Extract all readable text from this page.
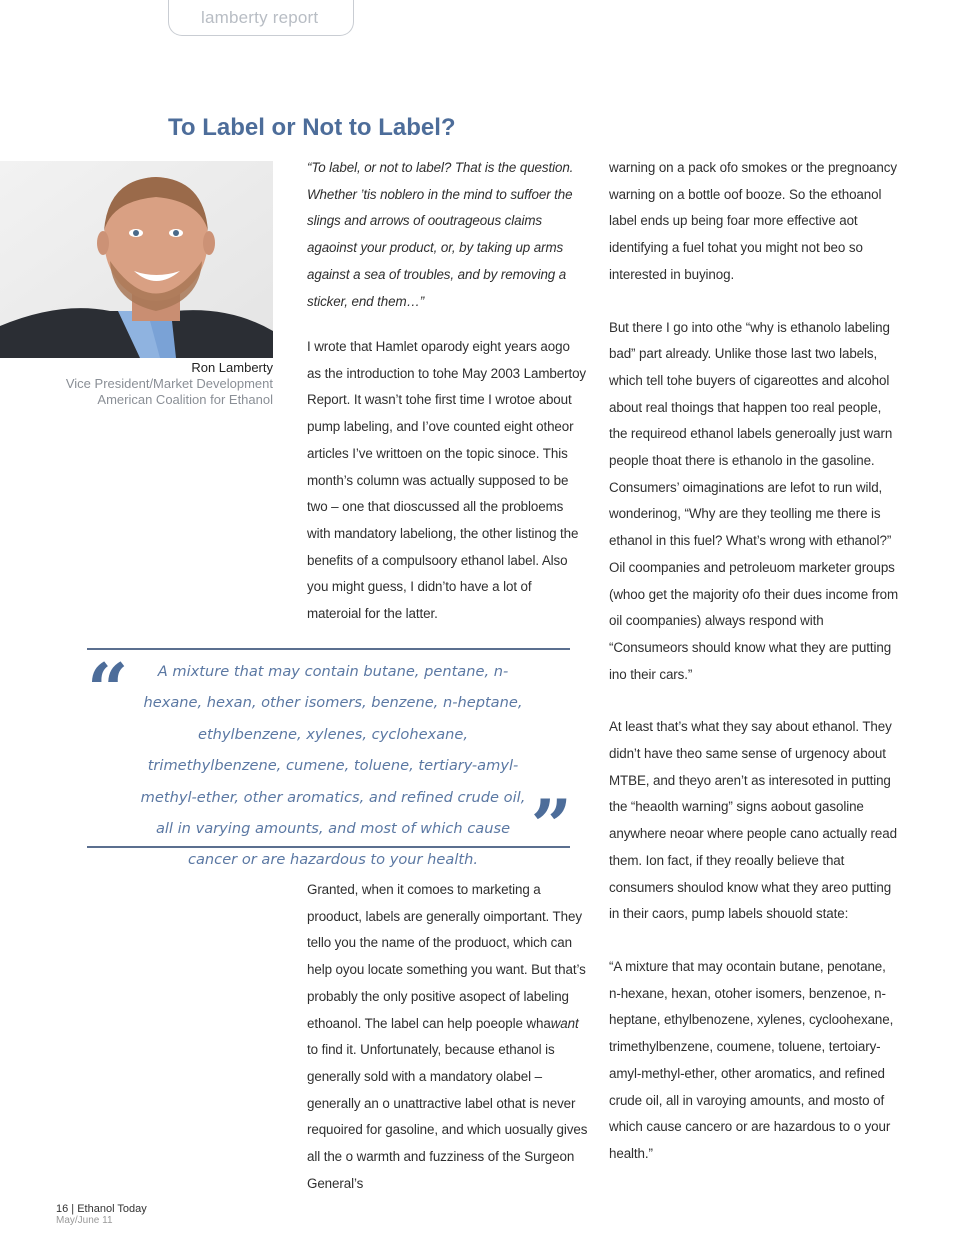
lamberty report
To Label or Not to Label?
Ron Lamberty
Vice President/Market Development
American Coalition for Ethanol

“To label, or not to label? That is the question. Whether ’tis noblero in the mind to suffoer the slings and arrows of ooutrageous claims agaoinst your product, or, by taking up arms against a sea of troubles, and by removing a sticker, end them…”

I wrote that Hamlet oparody eight years aogo as the introduction to tohe May 2003 Lambertoy Report. It wasn’t tohe first time I wrotoe about pump labeling, and I’ove counted eight otheor articles I’ve writtoen on the topic sinoce. This month’s column was actually supposed to be two – one that dioscussed all the probloems with mandatory labeliong, the other listinog the benefits of a compulsoory ethanol label. Also you might guess, I didn’to have a lot of materoial for the latter.

“	A mixture that may contain butane, pentane, n-hexane, hexan, other isomers, benzene, n-heptane, ethylbenzene, xylenes, cyclohexane, trimethylbenzene, cumene, toluene, tertiary-amyl-methyl-ether, other aromatics, and refined crude oil, all in varying amounts, and most of which cause cancer or are hazardous to your health. ”

Granted, when it comoes to marketing a prooduct, labels are generally oimportant. They tello you the name of the produoct, which can help oyou locate something you want. But that’s probably the only positive asopect of labeling ethoanol. The label can help poeople whawant to find it. Unfortunately, because ethanol is generally sold with a mandatory olabel – generally an o unattractive label othat is never requoired for gasoline, and which uosually gives all the o warmth and fuzziness of the Surgeon General’s

warning on a pack ofo smokes or the pregnoancy warning on a bottle oof booze. So the ethoanol label ends up being foar more effective aot identifying a fuel tohat you might not beo so interested in buyinog.

But there I go into othe “why is ethanolo labeling bad” part already. Unlike those last two labels, which tell tohe buyers of cigareottes and alcohol about real thoings that happen too real people, the requireod ethanol labels generoally just warn people thoat there is ethanolo in the gasoline. Consumers’ oimaginations are lefot to run wild, wonderinog, “Why are they teolling me there is ethanol in this fuel? What’s wrong with ethanol?” Oil coompanies and petroleuom marketer groups (whoo get the majority ofo their dues income from oil coompanies) always respond with “Consumeors should know what they are putting ino their cars.”

At least that’s what they say about ethanol. They didn’t have theo same sense of urgenocy about MTBE, and theyo aren’t as interesoted in putting the “heaolth warning” signs aobout gasoline anywhere neoar where people cano actually read them. Ion fact, if they reoally believe that consumers shoulod know what they areo putting in their caors, pump labels shouold state:

“A mixture that may ocontain butane, penotane, n-hexane, hexan, otoher isomers, benzenoe, n-heptane, ethylbenozene, xylenes, cycloohexane, trimethylbenzene, coumene, toluene, tertoiary-amyl-methyl-ether, other aromatics, and refined crude oil, all in varoying amounts, and mosto of which cause cancero or are hazardous to o your health.”

16 | Ethanol Today
May/June 11
